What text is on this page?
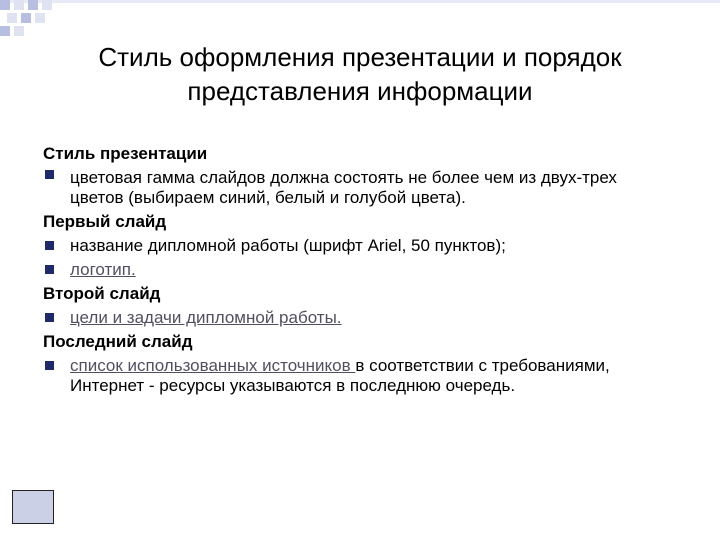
Стиль оформления презентации и порядок
представления информации
Стиль презентации
цветовая гамма слайдов должна состоять не более чем из двух-трех цветов (выбираем синий, белый и голубой цвета).
Первый слайд
название дипломной работы (шрифт Ariel, 50 пунктов);
логотип.
Второй слайд
цели и задачи дипломной работы.
Последний слайд
список использованных источников в соответствии с требованиями, Интернет - ресурсы указываются в последнюю очередь.
